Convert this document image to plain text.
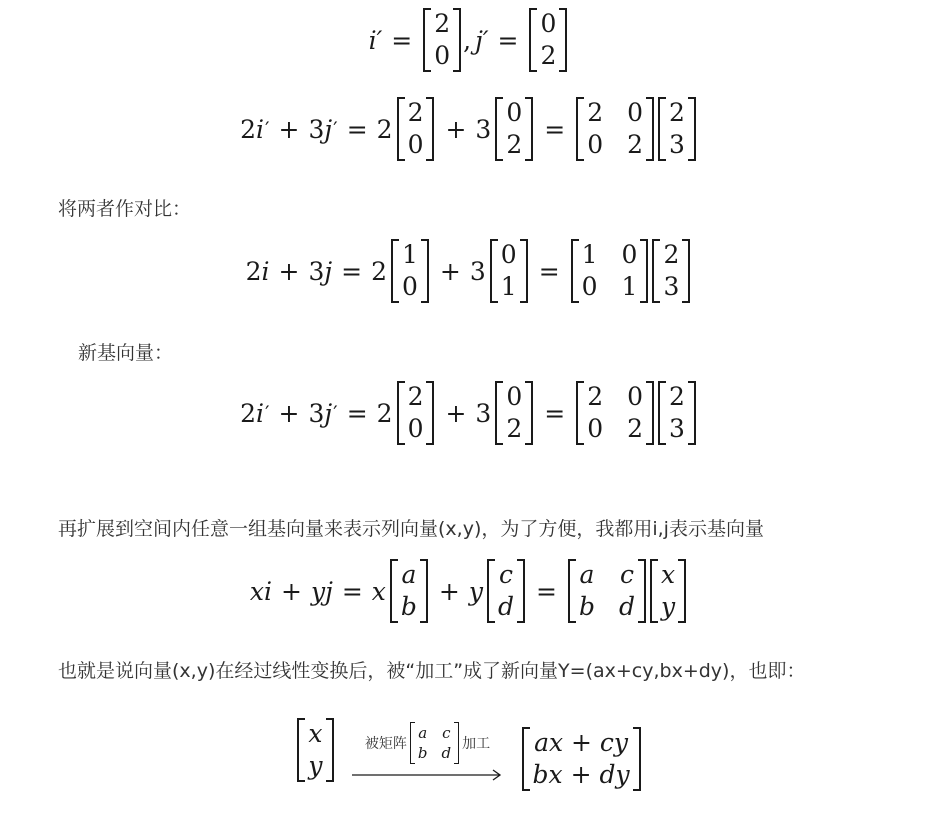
i′ =
2
0
, j′ =
0
2
2 i ′ + 3 j ′ = 2
2
0
+ 3
0
2
=
2 0
0 2
2
3
将两者作对比：
2 i + 3 j = 2
1
0
+ 3
0
1
=
1 0
0 1
2
3
新基向量：
2 i ′ + 3 j ′ = 2
2
0
+ 3
0
2
=
2 0
0 2
2
3
再扩展到空间内任意一组基向量来表示列向量(x,y)，为了方便，我都用i,j表示基向量
x i + y j = x
a
b
+ y
c
d
=
a c
b d
x
y
也就是说向量(x,y)在经过线性变换后，被“加工”成了新向量Y=(ax+cy,bx+dy)，也即：
x
y
被矩阵
a c
b d 加工 ax + cy
bx + dy
